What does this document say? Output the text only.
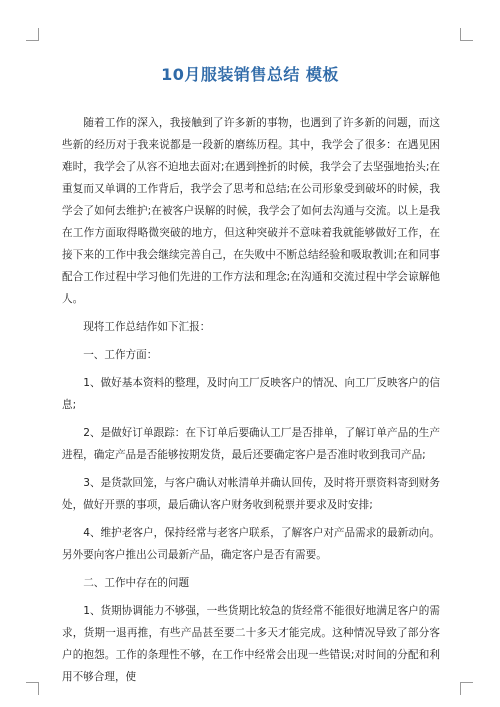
10月服装销售总结 模板

随着工作的深入，我接触到了许多新的事物，也遇到了许多新的问题，而这些新的经历对于我来说都是一段新的磨练历程。其中，我学会了很多：在遇见困难时，我学会了从容不迫地去面对;在遇到挫折的时候，我学会了去坚强地抬头;在重复而又单调的工作背后，我学会了思考和总结;在公司形象受到破坏的时候，我学会了如何去维护;在被客户误解的时候，我学会了如何去沟通与交流。以上是我在工作方面取得略微突破的地方，但这种突破并不意味着我就能够做好工作，在接下来的工作中我会继续完善自己，在失败中不断总结经验和吸取教训;在和同事配合工作过程中学习他们先进的工作方法和理念;在沟通和交流过程中学会谅解他人。

现将工作总结作如下汇报：

一、工作方面：

1、做好基本资料的整理，及时向工厂反映客户的情况、向工厂反映客户的信息;

2、是做好订单跟踪：在下订单后要确认工厂是否排单，了解订单产品的生产进程，确定产品是否能够按期发货，最后还要确定客户是否准时收到我司产品;

3、是货款回笼，与客户确认对帐清单并确认回传，及时将开票资料寄到财务处，做好开票的事项，最后确认客户财务收到税票并要求及时安排;

4、维护老客户，保持经常与老客户联系，了解客户对产品需求的最新动向。另外要向客户推出公司最新产品，确定客户是否有需要。

二、工作中存在的问题

1、货期协调能力不够强，一些货期比较急的货经常不能很好地满足客户的需求，货期一退再推，有些产品甚至要二十多天才能完成。这种情况导致了部分客户的抱怨。工作的条理性不够，在工作中经常会出现一些错误;对时间的分配和利用不够合理，使
